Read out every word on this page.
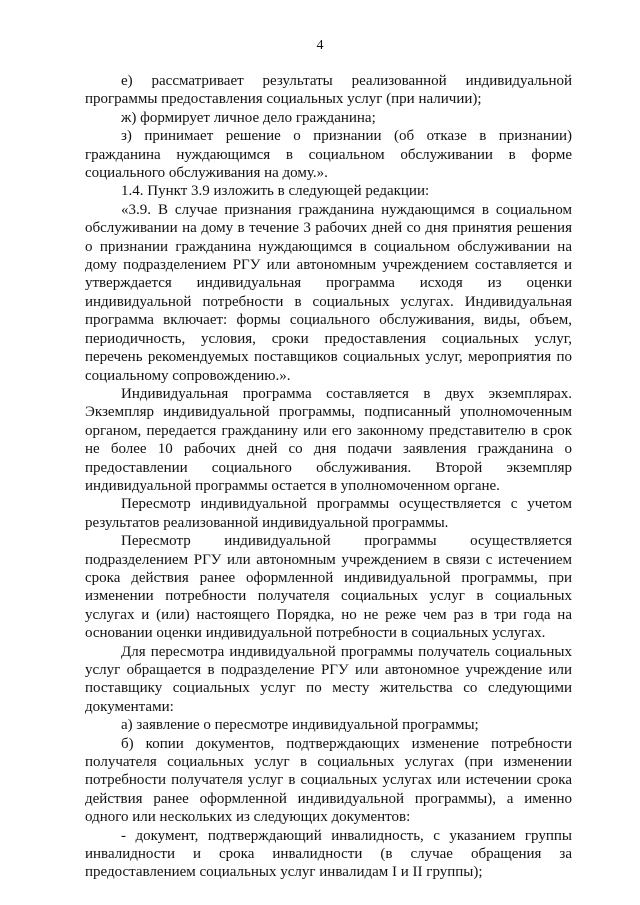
4

е) рассматривает результаты реализованной индивидуальной программы предоставления социальных услуг (при наличии);

ж) формирует личное дело гражданина;

з) принимает решение о признании (об отказе в признании) гражданина нуждающимся в социальном обслуживании в форме социального обслуживания на дому.».

1.4. Пункт 3.9 изложить в следующей редакции:

«3.9. В случае признания гражданина нуждающимся в социальном обслуживании на дому в течение 3 рабочих дней со дня принятия решения о признании гражданина нуждающимся в социальном обслуживании на дому подразделением РГУ или автономным учреждением составляется и утверждается индивидуальная программа исходя из оценки индивидуальной потребности в социальных услугах. Индивидуальная программа включает: формы социального обслуживания, виды, объем, периодичность, условия, сроки предоставления социальных услуг, перечень рекомендуемых поставщиков социальных услуг, мероприятия по социальному сопровождению.».

Индивидуальная программа составляется в двух экземплярах. Экземпляр индивидуальной программы, подписанный уполномоченным органом, передается гражданину или его законному представителю в срок не более 10 рабочих дней со дня подачи заявления гражданина о предоставлении социального обслуживания. Второй экземпляр индивидуальной программы остается в уполномоченном органе.

Пересмотр индивидуальной программы осуществляется с учетом результатов реализованной индивидуальной программы.

Пересмотр индивидуальной программы осуществляется подразделением РГУ или автономным учреждением в связи с истечением срока действия ранее оформленной индивидуальной программы, при изменении потребности получателя социальных услуг в социальных услугах и (или) настоящего Порядка, но не реже чем раз в три года на основании оценки индивидуальной потребности в социальных услугах.

Для пересмотра индивидуальной программы получатель социальных услуг обращается в подразделение РГУ или автономное учреждение или поставщику социальных услуг по месту жительства со следующими документами:

а) заявление о пересмотре индивидуальной программы;

б) копии документов, подтверждающих изменение потребности получателя социальных услуг в социальных услугах (при изменении потребности получателя услуг в социальных услугах или истечении срока действия ранее оформленной индивидуальной программы), а именно одного или нескольких из следующих документов:

- документ, подтверждающий инвалидность, с указанием группы инвалидности и срока инвалидности (в случае обращения за предоставлением социальных услуг инвалидам I и II группы);
